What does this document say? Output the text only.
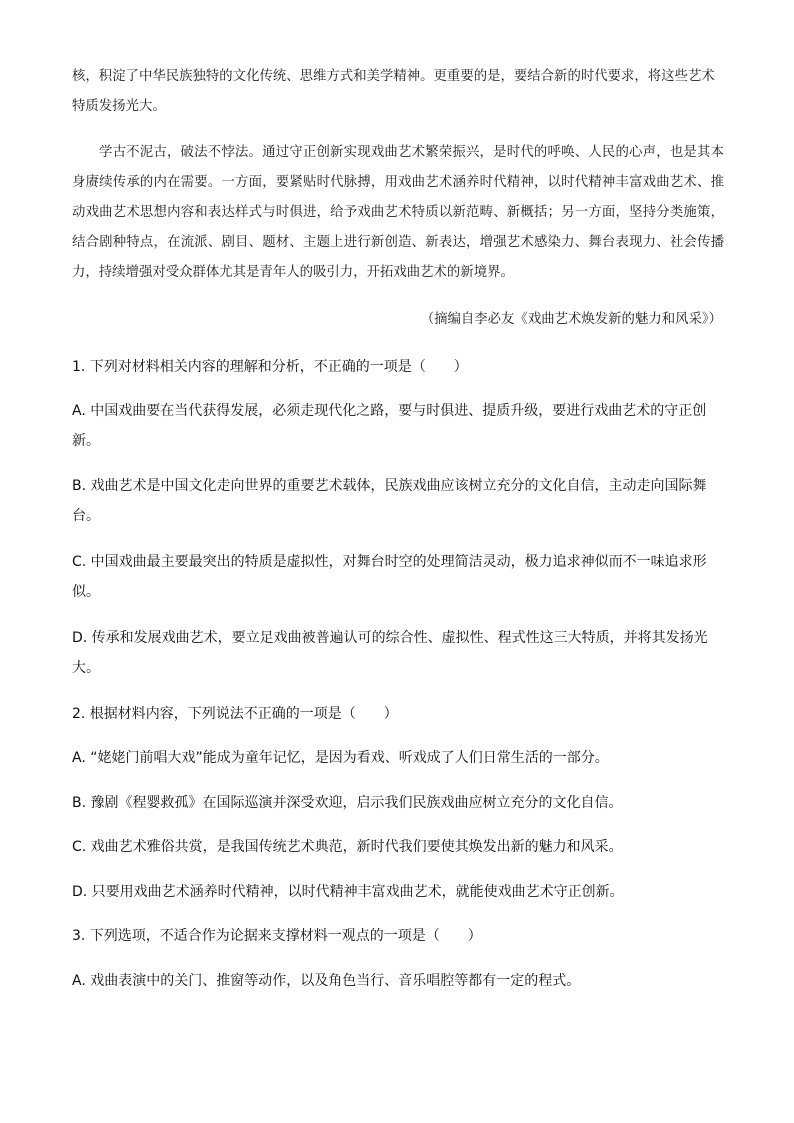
核，积淀了中华民族独特的文化传统、思维方式和美学精神。更重要的是，要结合新的时代要求，将这些艺术特质发扬光大。
学古不泥古，破法不悖法。通过守正创新实现戏曲艺术繁荣振兴，是时代的呼唤、人民的心声，也是其本身赓续传承的内在需要。一方面，要紧贴时代脉搏，用戏曲艺术涵养时代精神，以时代精神丰富戏曲艺术、推动戏曲艺术思想内容和表达样式与时俱进，给予戏曲艺术特质以新范畴、新概括；另一方面，坚持分类施策，结合剧种特点，在流派、剧目、题材、主题上进行新创造、新表达，增强艺术感染力、舞台表现力、社会传播力，持续增强对受众群体尤其是青年人的吸引力，开拓戏曲艺术的新境界。
（摘编自李必友《戏曲艺术焕发新的魅力和风采》）
1. 下列对材料相关内容的理解和分析，不正确的一项是（　　）
A. 中国戏曲要在当代获得发展，必须走现代化之路，要与时俱进、提质升级，要进行戏曲艺术的守正创新。
B. 戏曲艺术是中国文化走向世界的重要艺术载体，民族戏曲应该树立充分的文化自信，主动走向国际舞台。
C. 中国戏曲最主要最突出的特质是虚拟性，对舞台时空的处理简洁灵动，极力追求神似而不一味追求形似。
D. 传承和发展戏曲艺术，要立足戏曲被普遍认可的综合性、虚拟性、程式性这三大特质，并将其发扬光大。
2. 根据材料内容，下列说法不正确的一项是（　　）
A. “姥姥门前唱大戏”能成为童年记忆，是因为看戏、听戏成了人们日常生活的一部分。
B. 豫剧《程婴救孤》在国际巡演并深受欢迎，启示我们民族戏曲应树立充分的文化自信。
C. 戏曲艺术雅俗共赏，是我国传统艺术典范，新时代我们要使其焕发出新的魅力和风采。
D. 只要用戏曲艺术涵养时代精神，以时代精神丰富戏曲艺术，就能使戏曲艺术守正创新。
3. 下列选项，不适合作为论据来支撑材料一观点的一项是（　　）
A. 戏曲表演中的关门、推窗等动作，以及角色当行、音乐唱腔等都有一定的程式。
